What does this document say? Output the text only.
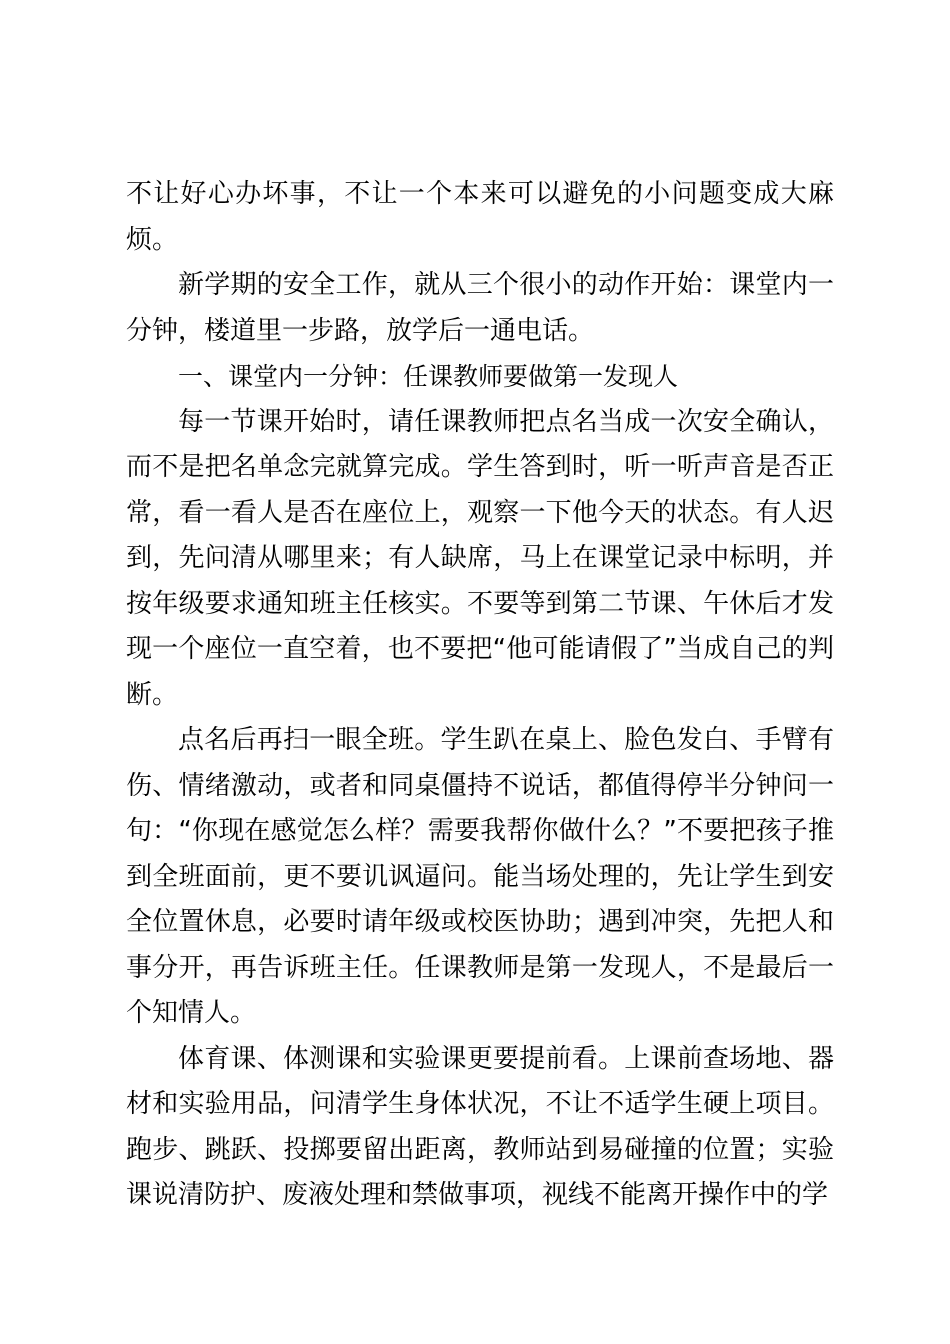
不让好心办坏事，不让一个本来可以避免的小问题变成大麻烦。

新学期的安全工作，就从三个很小的动作开始：课堂内一分钟，楼道里一步路，放学后一通电话。

一、课堂内一分钟：任课教师要做第一发现人

每一节课开始时，请任课教师把点名当成一次安全确认，而不是把名单念完就算完成。学生答到时，听一听声音是否正常，看一看人是否在座位上，观察一下他今天的状态。有人迟到，先问清从哪里来；有人缺席，马上在课堂记录中标明，并按年级要求通知班主任核实。不要等到第二节课、午休后才发现一个座位一直空着，也不要把“他可能请假了”当成自己的判断。

点名后再扫一眼全班。学生趴在桌上、脸色发白、手臂有伤、情绪激动，或者和同桌僵持不说话，都值得停半分钟问一句：“你现在感觉怎么样？需要我帮你做什么？”不要把孩子推到全班面前，更不要讥讽逼问。能当场处理的，先让学生到安全位置休息，必要时请年级或校医协助；遇到冲突，先把人和事分开，再告诉班主任。任课教师是第一发现人，不是最后一个知情人。

体育课、体测课和实验课更要提前看。上课前查场地、器材和实验用品，问清学生身体状况，不让不适学生硬上项目。跑步、跳跃、投掷要留出距离，教师站到易碰撞的位置；实验课说清防护、废液处理和禁做事项，视线不能离开操作中的学
